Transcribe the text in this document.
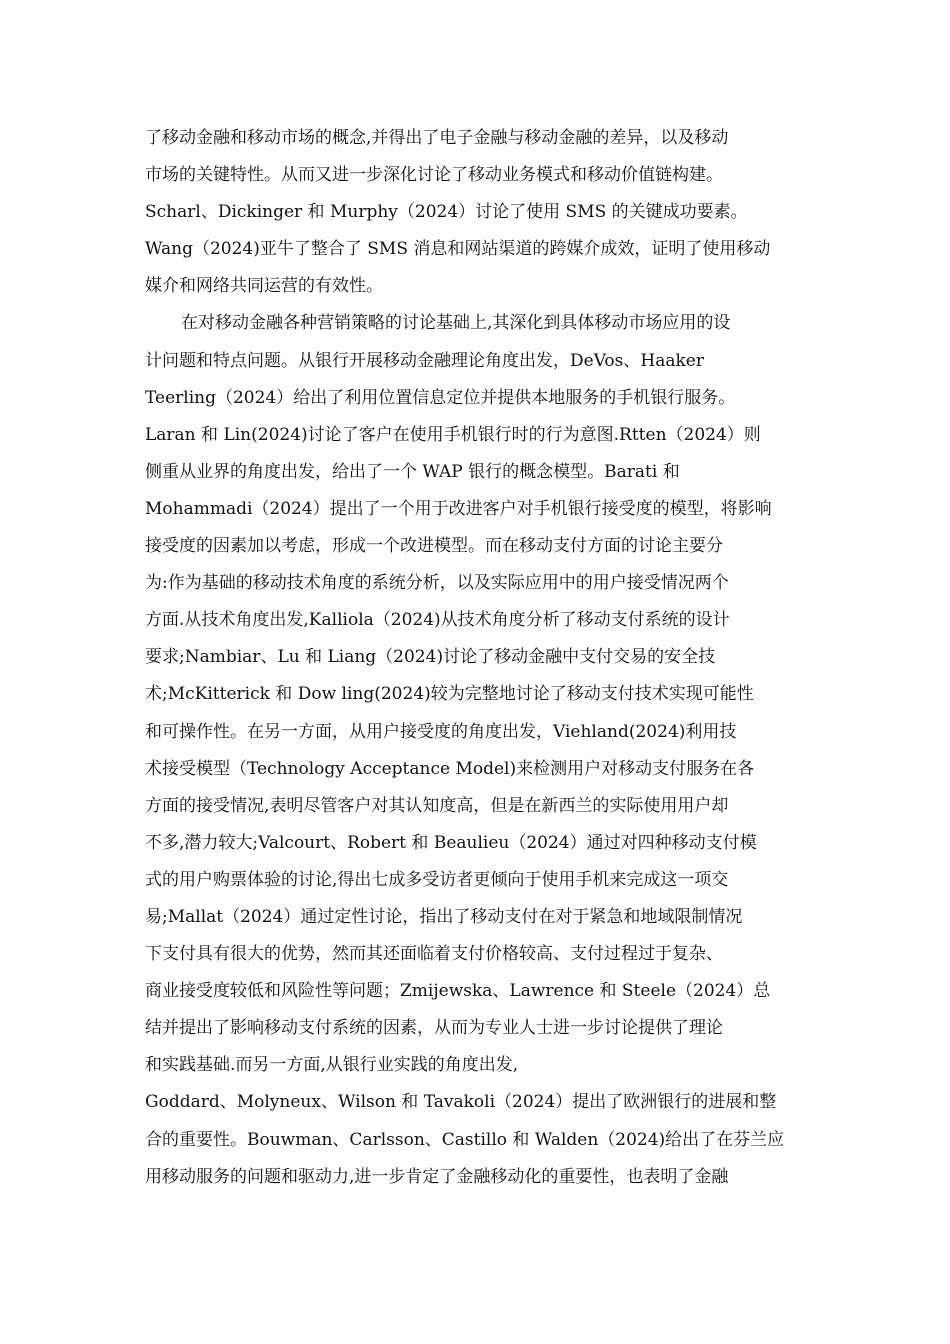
了移动金融和移动市场的概念,并得出了电子金融与移动金融的差异，以及移动
市场的关键特性。从而又进一步深化讨论了移动业务模式和移动价值链构建。
Scharl、Dickinger 和 Murphy（2024）讨论了使用 SMS 的关键成功要素。
Wang（2024)亚牛了整合了 SMS 消息和网站渠道的跨媒介成效，证明了使用移动
媒介和网络共同运营的有效性。
在对移动金融各种营销策略的讨论基础上,其深化到具体移动市场应用的设
计问题和特点问题。从银行开展移动金融理论角度出发，DeVos、Haaker
Teerling（2024）给出了利用位置信息定位并提供本地服务的手机银行服务。
Laran 和 Lin(2024)讨论了客户在使用手机银行时的行为意图.Rtten（2024）则
侧重从业界的角度出发，给出了一个 WAP 银行的概念模型。Barati 和
Mohammadi（2024）提出了一个用于改进客户对手机银行接受度的模型，将影响
接受度的因素加以考虑，形成一个改进模型。而在移动支付方面的讨论主要分
为:作为基础的移动技术角度的系统分析，以及实际应用中的用户接受情况两个
方面.从技术角度出发,Kalliola（2024)从技术角度分析了移动支付系统的设计
要求;Nambiar、Lu 和 Liang（2024)讨论了移动金融中支付交易的安全技
术;McKitterick 和 Dow ling(2024)较为完整地讨论了移动支付技术实现可能性
和可操作性。在另一方面，从用户接受度的角度出发，Viehland(2024)利用技
术接受模型（Technology Acceptance Model)来检测用户对移动支付服务在各
方面的接受情况,表明尽管客户对其认知度高，但是在新西兰的实际使用用户却
不多,潜力较大;Valcourt、Robert 和 Beaulieu（2024）通过对四种移动支付模
式的用户购票体验的讨论,得出七成多受访者更倾向于使用手机来完成这一项交
易;Mallat（2024）通过定性讨论，指出了移动支付在对于紧急和地域限制情况
下支付具有很大的优势，然而其还面临着支付价格较高、支付过程过于复杂、
商业接受度较低和风险性等问题；Zmijewska、Lawrence 和 Steele（2024）总
结并提出了影响移动支付系统的因素，从而为专业人士进一步讨论提供了理论
和实践基础.而另一方面,从银行业实践的角度出发,
Goddard、Molyneux、Wilson 和 Tavakoli（2024）提出了欧洲银行的进展和整
合的重要性。Bouwman、Carlsson、Castillo 和 Walden（2024)给出了在芬兰应
用移动服务的问题和驱动力,进一步肯定了金融移动化的重要性，也表明了金融
